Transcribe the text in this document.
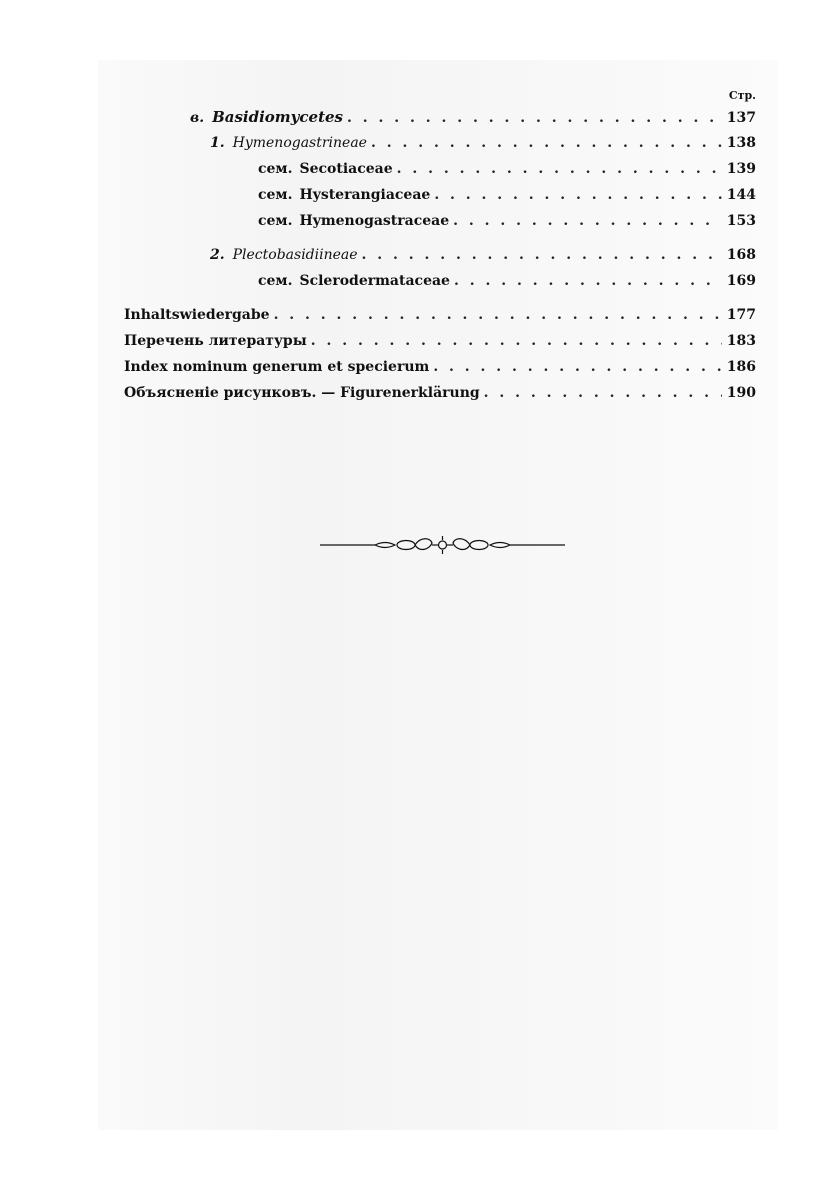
Стр.
в. Basidiomycetes . . .	137
1. Hymenogastrineae . . .	138
сем. Secotiaceae . . .	139
сем. Hysterangiaceae . . .	144
сем. Hymenogastraceae . . .	153
2. Plectobasidiineae . . .	168
сем. Sclerodermataceae . . .	169
Inhaltswiedergabe . . .	177
Перечень литературы . . .	183
Index nominum generum et specierum . . .	186
Объясненіе рисунковъ. — Figurenerklärung . . .	190
